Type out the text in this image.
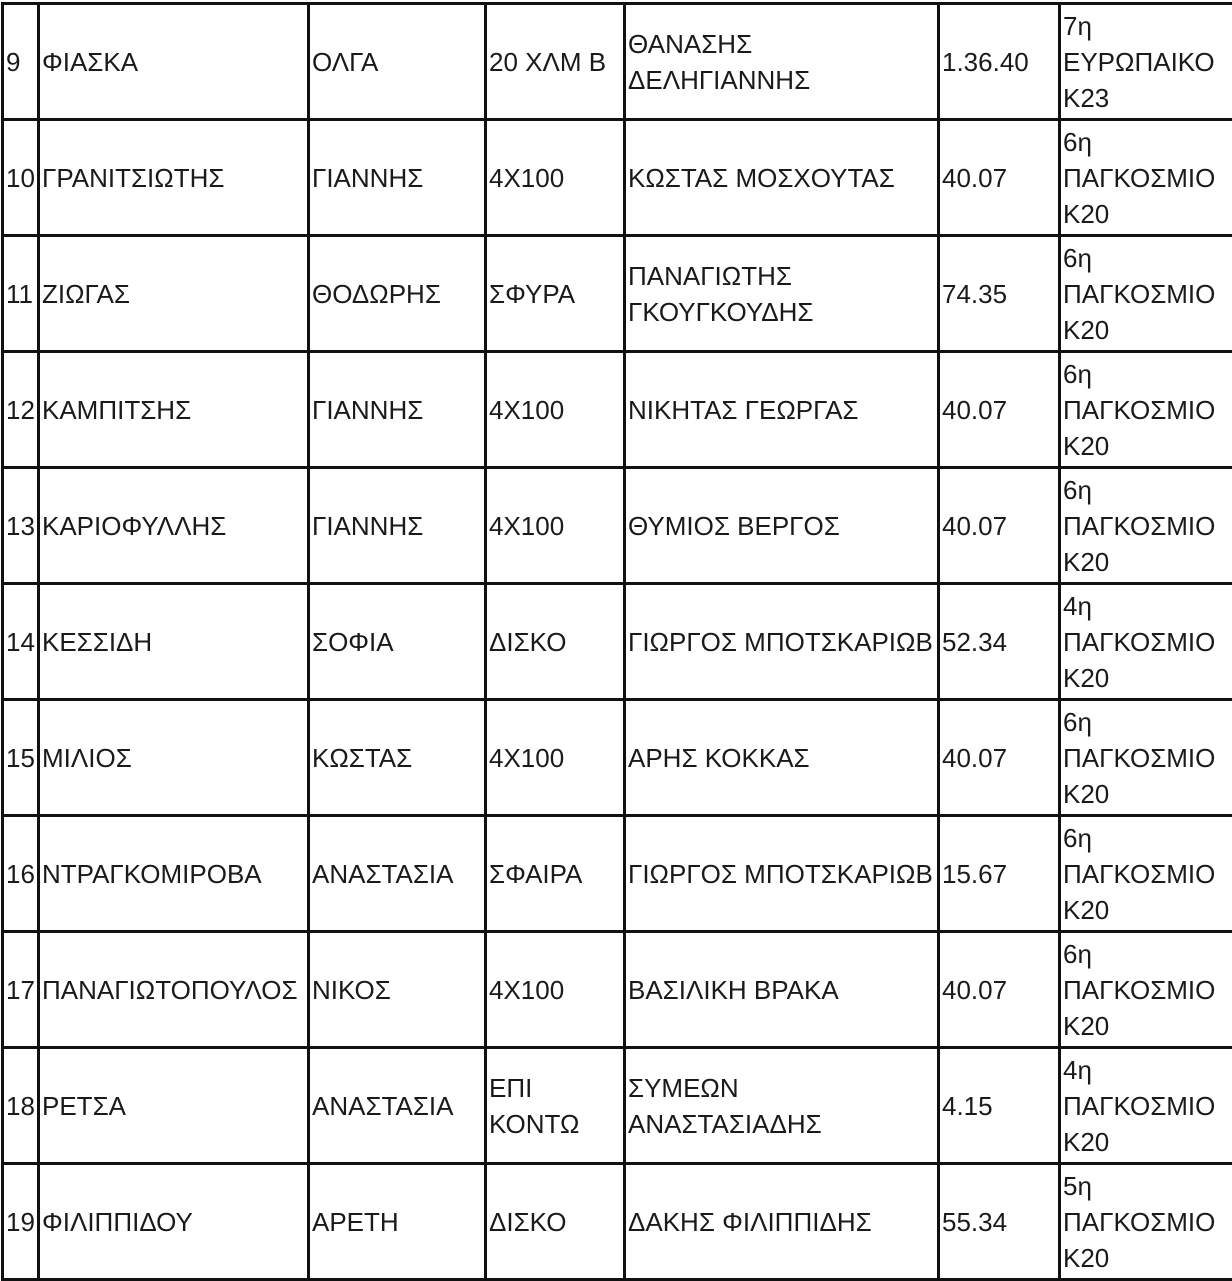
9	ΦΙΑΣΚΑ	ΟΛΓΑ	20 ΧΛΜ Β	ΘΑΝΑΣΗΣ ΔΕΛΗΓΙΑΝΝΗΣ	1.36.40	7η ΕΥΡΩΠΑΙΚΟ Κ23
10	ΓΡΑΝΙΤΣΙΩΤΗΣ	ΓΙΑΝΝΗΣ	4Χ100	ΚΩΣΤΑΣ ΜΟΣΧΟΥΤΑΣ	40.07	6η ΠΑΓΚΟΣΜΙΟ Κ20
11	ΖΙΩΓΑΣ	ΘΟΔΩΡΗΣ	ΣΦΥΡΑ	ΠΑΝΑΓΙΩΤΗΣ ΓΚΟΥΓΚΟΥΔΗΣ	74.35	6η ΠΑΓΚΟΣΜΙΟ Κ20
12	ΚΑΜΠΙΤΣΗΣ	ΓΙΑΝΝΗΣ	4Χ100	ΝΙΚΗΤΑΣ ΓΕΩΡΓΑΣ	40.07	6η ΠΑΓΚΟΣΜΙΟ Κ20
13	ΚΑΡΙΟΦΥΛΛΗΣ	ΓΙΑΝΝΗΣ	4Χ100	ΘΥΜΙΟΣ ΒΕΡΓΟΣ	40.07	6η ΠΑΓΚΟΣΜΙΟ Κ20
14	ΚΕΣΣΙΔΗ	ΣΟΦΙΑ	ΔΙΣΚΟ	ΓΙΩΡΓΟΣ ΜΠΟΤΣΚΑΡΙΩΒ	52.34	4η ΠΑΓΚΟΣΜΙΟ Κ20
15	ΜΙΛΙΟΣ	ΚΩΣΤΑΣ	4Χ100	ΑΡΗΣ ΚΟΚΚΑΣ	40.07	6η ΠΑΓΚΟΣΜΙΟ Κ20
16	ΝΤΡΑΓΚΟΜΙΡΟΒΑ	ΑΝΑΣΤΑΣΙΑ	ΣΦΑΙΡΑ	ΓΙΩΡΓΟΣ ΜΠΟΤΣΚΑΡΙΩΒ	15.67	6η ΠΑΓΚΟΣΜΙΟ Κ20
17	ΠΑΝΑΓΙΩΤΟΠΟΥΛΟΣ	ΝΙΚΟΣ	4Χ100	ΒΑΣΙΛΙΚΗ ΒΡΑΚΑ	40.07	6η ΠΑΓΚΟΣΜΙΟ Κ20
18	ΡΕΤΣΑ	ΑΝΑΣΤΑΣΙΑ	ΕΠΙ ΚΟΝΤΩ	ΣΥΜΕΩΝ ΑΝΑΣΤΑΣΙΑΔΗΣ	4.15	4η ΠΑΓΚΟΣΜΙΟ Κ20
19	ΦΙΛΙΠΠΙΔΟΥ	ΑΡΕΤΗ	ΔΙΣΚΟ	ΔΑΚΗΣ ΦΙΛΙΠΠΙΔΗΣ	55.34	5η ΠΑΓΚΟΣΜΙΟ Κ20
